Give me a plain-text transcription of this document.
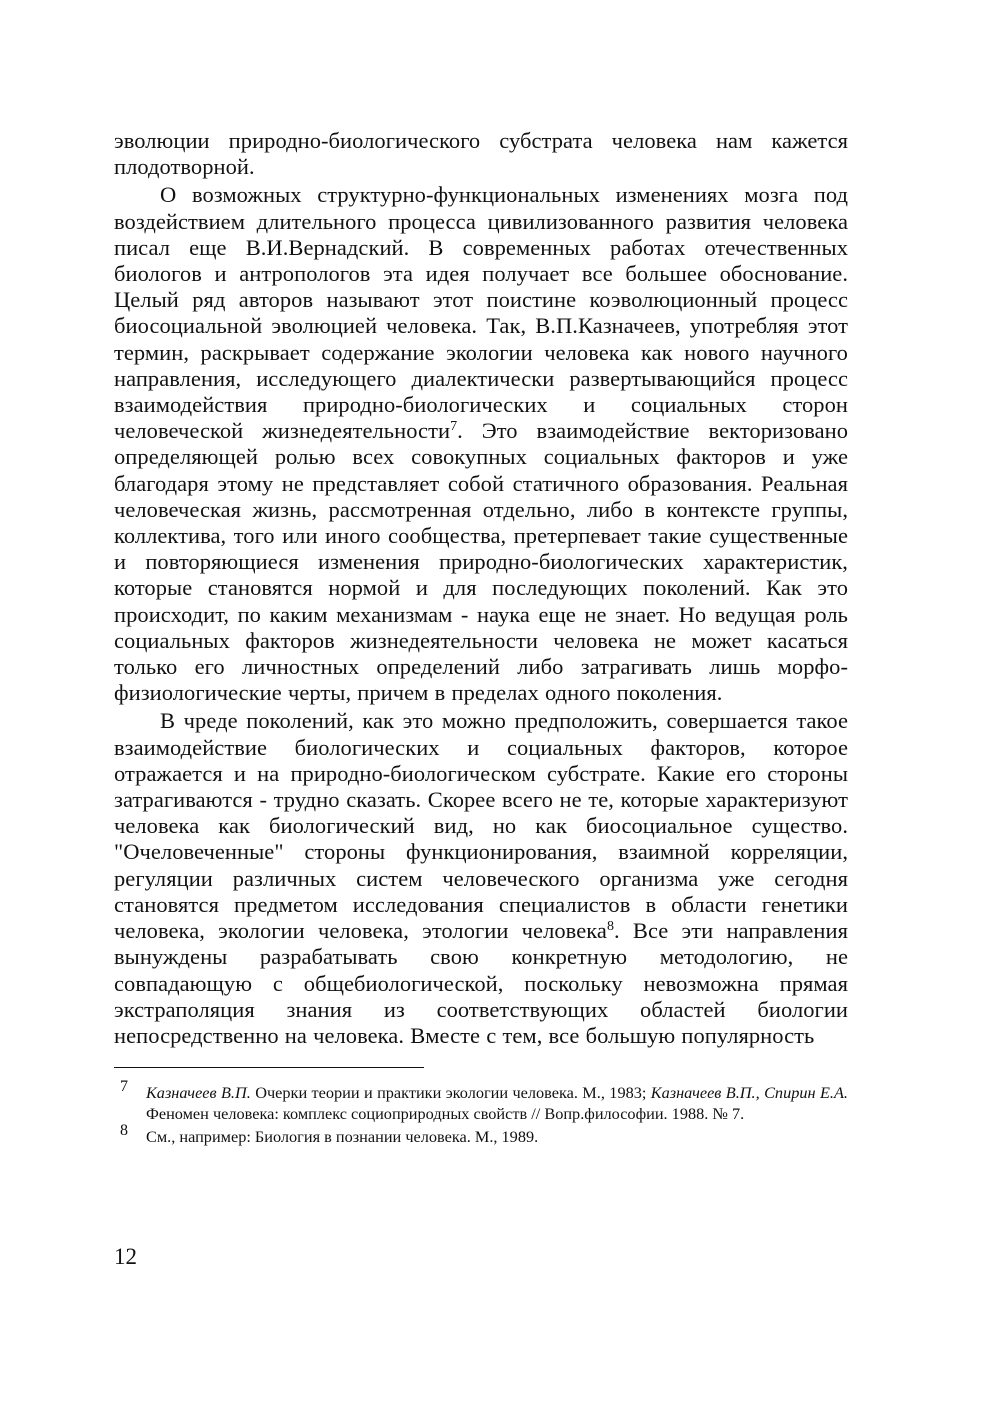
эволюции природно-биологического субстрата человека нам кажется плодотворной.

О возможных структурно-функциональных изменениях мозга под воздействием длительного процесса цивилизованного развития человека писал еще В.И.Вернадский. В современных работах отечественных биологов и антропологов эта идея получает все большее обоснование. Целый ряд авторов называют этот поистине коэволюционный процесс биосоциальной эволюцией человека. Так, В.П.Казначеев, употребляя этот термин, раскрывает содержание экологии человека как нового научного направления, исследующего диалектически развертывающийся процесс взаимодействия природно-биологических и социальных сторон человеческой жизнедеятельности$^7$. Это взаимодействие векторизовано определяющей ролью всех совокупных социальных факторов и уже благодаря этому не представляет собой статичного образования. Реальная человеческая жизнь, рассмотренная отдельно, либо в контексте группы, коллектива, того или иного сообщества, претерпевает такие существенные и повторяющиеся изменения природно-биологических характеристик, которые становятся нормой и для последующих поколений. Как это происходит, по каким механизмам - наука еще не знает. Но ведущая роль социальных факторов жизнедеятельности человека не может касаться только его личностных определений либо затрагивать лишь морфо-физиологические черты, причем в пределах одного поколения.

В чреде поколений, как это можно предположить, совершается такое взаимодействие биологических и социальных факторов, которое отражается и на природно-биологическом субстрате. Какие его стороны затрагиваются - трудно сказать. Скорее всего не те, которые характеризуют человека как биологический вид, но как биосоциальное существо. "Очеловеченные" стороны функционирования, взаимной корреляции, регуляции различных систем человеческого организма уже сегодня становятся предметом исследования специалистов в области генетики человека, экологии человека, этологии человека$^8$. Все эти направления вынуждены разрабатывать свою конкретную методологию, не совпадающую с общебиологической, поскольку невозможна прямая экстраполяция знания из соответствующих областей биологии непосредственно на человека. Вместе с тем, все большую популярность

7 Казначеев В.П. Очерки теории и практики экологии человека. М., 1983; Казначеев В.П., Спирин Е.А. Феномен человека: комплекс социоприродных свойств // Вопр.философии. 1988. № 7.

8 См., например: Биология в познании человека. М., 1989.

12
